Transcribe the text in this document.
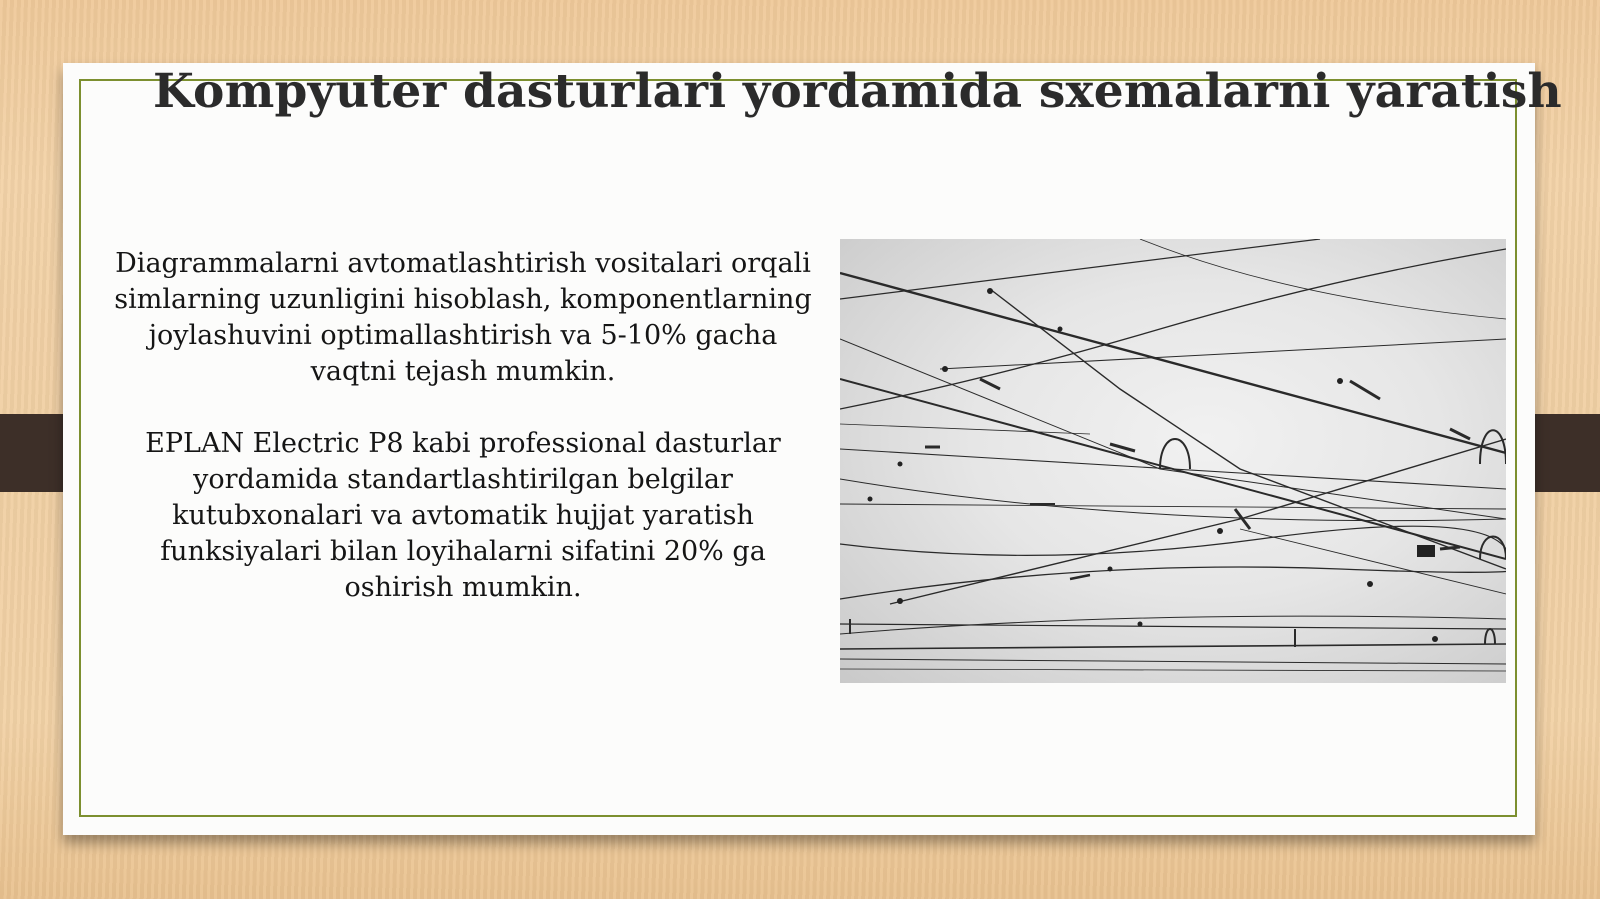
Kompyuter dasturlari yordamida sxemalarni yaratish

Diagrammalarni avtomatlashtirish vositalari orqali simlarning uzunligini hisoblash, komponentlarning joylashuvini optimallashtirish va 5-10% gacha vaqtni tejash mumkin.

EPLAN Electric P8 kabi professional dasturlar yordamida standartlashtirilgan belgilar kutubxonalari va avtomatik hujjat yaratish funksiyalari bilan loyihalarni sifatini 20% ga oshirish mumkin.
